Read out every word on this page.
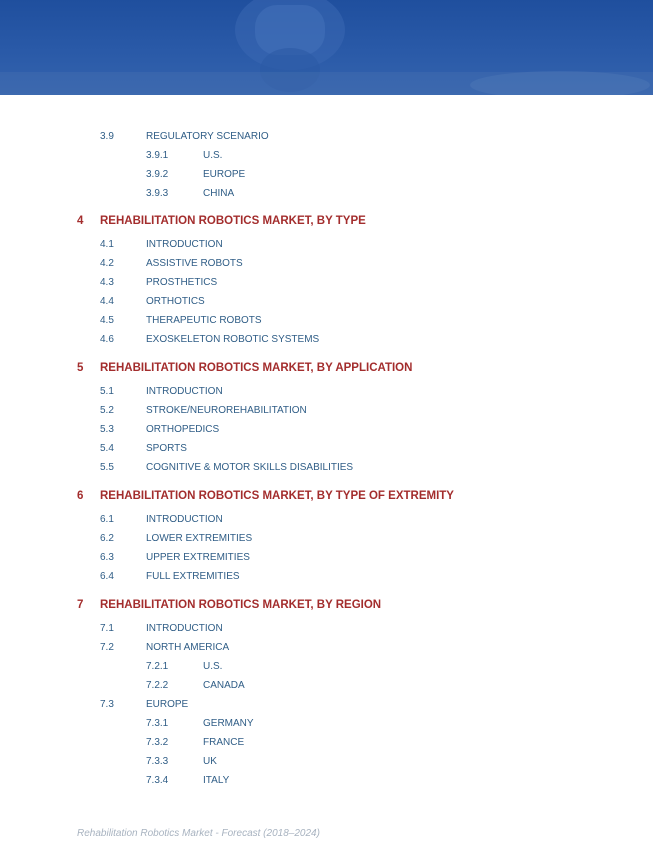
3.9	REGULATORY SCENARIO
3.9.1	U.S.
3.9.2	EUROPE
3.9.3	CHINA
4 REHABILITATION ROBOTICS MARKET, BY TYPE
4.1	INTRODUCTION
4.2	ASSISTIVE ROBOTS
4.3	PROSTHETICS
4.4	ORTHOTICS
4.5	THERAPEUTIC ROBOTS
4.6	EXOSKELETON ROBOTIC SYSTEMS
5 REHABILITATION ROBOTICS MARKET, BY APPLICATION
5.1	INTRODUCTION
5.2	STROKE/NEUROREHABILITATION
5.3	ORTHOPEDICS
5.4	SPORTS
5.5	COGNITIVE & MOTOR SKILLS DISABILITIES
6 REHABILITATION ROBOTICS MARKET, BY TYPE OF EXTREMITY
6.1	INTRODUCTION
6.2	LOWER EXTREMITIES
6.3	UPPER EXTREMITIES
6.4	FULL EXTREMITIES
7 REHABILITATION ROBOTICS MARKET, BY REGION
7.1	INTRODUCTION
7.2	NORTH AMERICA
7.2.1	U.S.
7.2.2	CANADA
7.3	EUROPE
7.3.1	GERMANY
7.3.2	FRANCE
7.3.3	UK
7.3.4	ITALY
Rehabilitation Robotics Market - Forecast (2018–2024)
